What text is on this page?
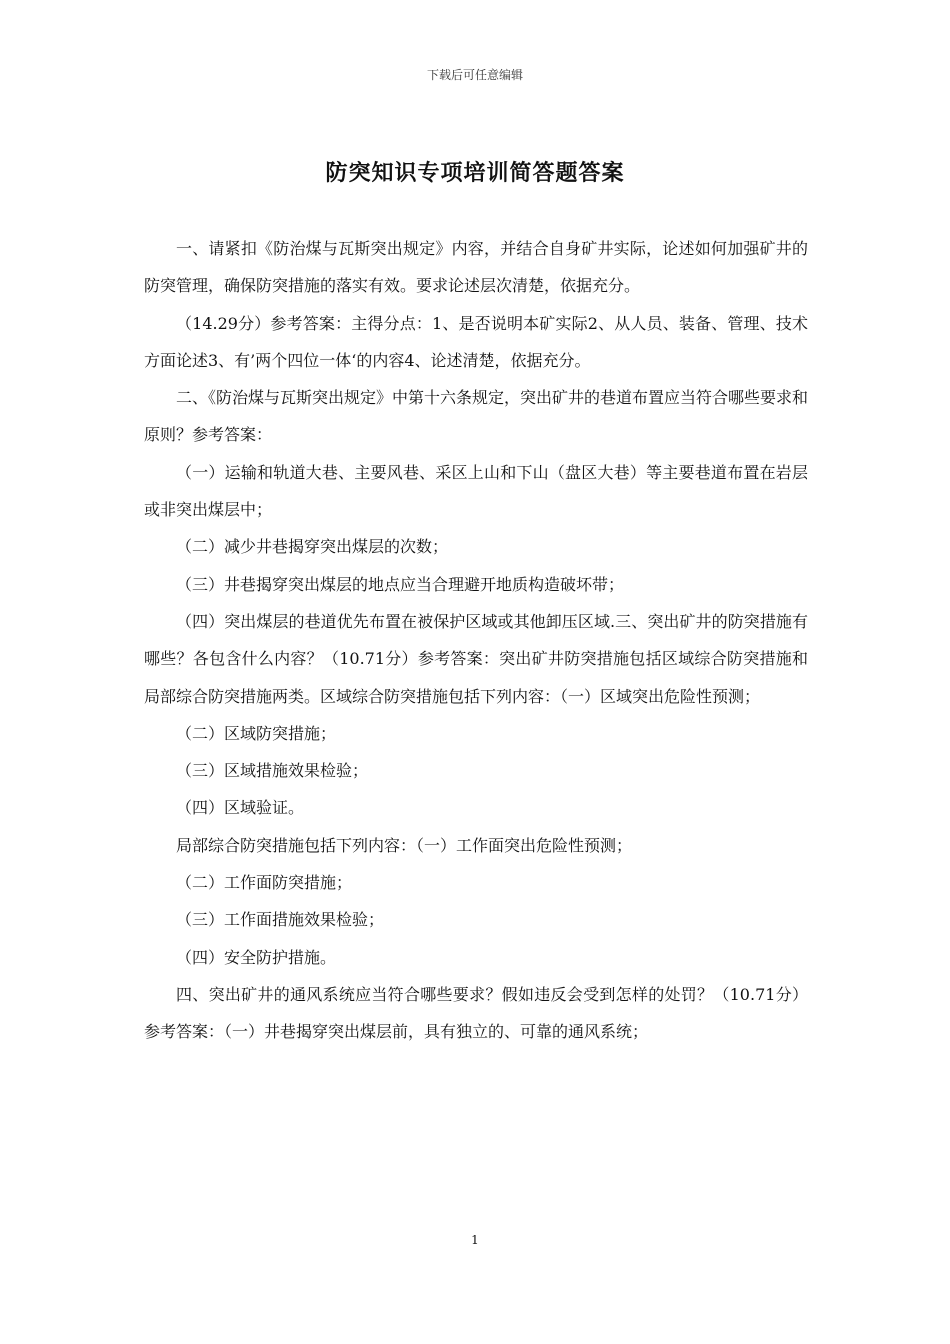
下载后可任意编辑
防突知识专项培训简答题答案

一、请紧扣《防治煤与瓦斯突出规定》内容，并结合自身矿井实际，论述如何加强矿井的防突管理，确保防突措施的落实有效。要求论述层次清楚，依据充分。

（14.29分）参考答案：主得分点：1、是否说明本矿实际2、从人员、装备、管理、技术方面论述3、有’两个四位一体‘的内容4、论述清楚，依据充分。

二、《防治煤与瓦斯突出规定》中第十六条规定，突出矿井的巷道布置应当符合哪些要求和原则？参考答案：

（一）运输和轨道大巷、主要风巷、采区上山和下山（盘区大巷）等主要巷道布置在岩层或非突出煤层中；

（二）减少井巷揭穿突出煤层的次数；

（三）井巷揭穿突出煤层的地点应当合理避开地质构造破坏带；

（四）突出煤层的巷道优先布置在被保护区域或其他卸压区域.三、突出矿井的防突措施有哪些？各包含什么内容？（10.71分）参考答案：突出矿井防突措施包括区域综合防突措施和局部综合防突措施两类。区域综合防突措施包括下列内容：（一）区域突出危险性预测；

（二）区域防突措施；

（三）区域措施效果检验；

（四）区域验证。

局部综合防突措施包括下列内容：（一）工作面突出危险性预测；

（二）工作面防突措施；

（三）工作面措施效果检验；

（四）安全防护措施。

四、突出矿井的通风系统应当符合哪些要求？假如违反会受到怎样的处罚？（10.71分）参考答案：（一）井巷揭穿突出煤层前，具有独立的、可靠的通风系统；

1
